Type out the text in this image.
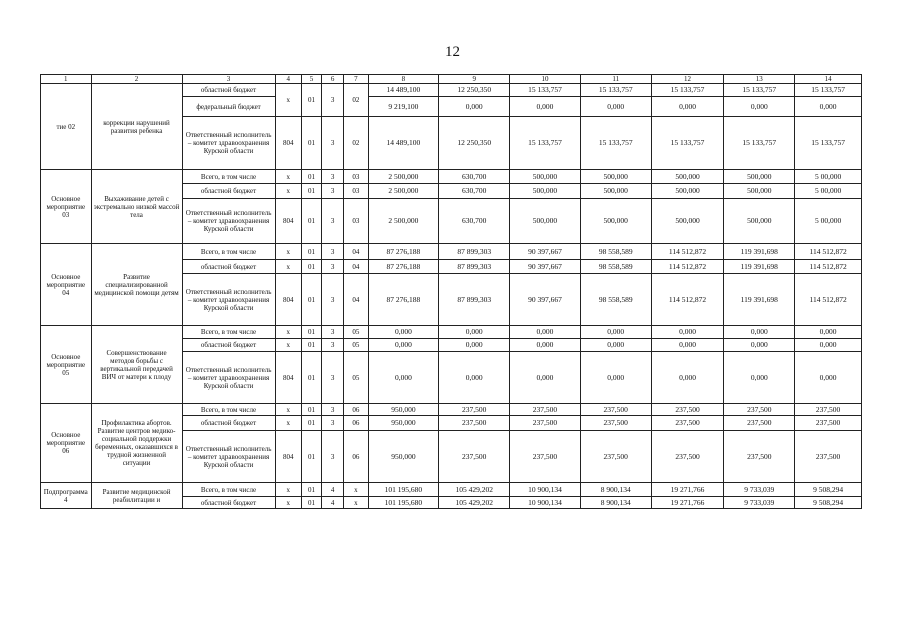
12
1	2	3	4	5	6	7	8	9	10	11	12	13	14
тие 02	коррекции нарушений развития ребенка	областной бюджет	х	01	3	02	14 489,100	12 250,350	15 133,757	15 133,757	15 133,757	15 133,757	15 133,757
		федеральный бюджет					9 219,100	0,000	0,000	0,000	0,000	0,000	0,000
		Ответственный исполнитель – комитет здравоохранения Курской области	804	01	3	02	14 489,100	12 250,350	15 133,757	15 133,757	15 133,757	15 133,757	15 133,757
Основное мероприятие 03	Выхаживание детей с экстремально низкой массой тела	Всего, в том числе	х	01	3	03	2 500,000	630,700	500,000	500,000	500,000	500,000	5 00,000
		областной бюджет	х	01	3	03	2 500,000	630,700	500,000	500,000	500,000	500,000	5 00,000
		Ответственный исполнитель – комитет здравоохранения Курской области	804	01	3	03	2 500,000	630,700	500,000	500,000	500,000	500,000	5 00,000
Основное мероприятие 04	Развитие специализированной медицинской помощи детям	Всего, в том числе	х	01	3	04	87 276,188	87 899,303	90 397,667	98 558,589	114 512,872	119 391,698	114 512,872
		областной бюджет	х	01	3	04	87 276,188	87 899,303	90 397,667	98 558,589	114 512,872	119 391,698	114 512,872
		Ответственный исполнитель – комитет здравоохранения Курской области	804	01	3	04	87 276,188	87 899,303	90 397,667	98 558,589	114 512,872	119 391,698	114 512,872
Основное мероприятие 05	Совершенствование методов борьбы с вертикальной передачей ВИЧ от матери к плоду	Всего, в том числе	х	01	3	05	0,000	0,000	0,000	0,000	0,000	0,000	0,000
		областной бюджет	х	01	3	05	0,000	0,000	0,000	0,000	0,000	0,000	0,000
		Ответственный исполнитель – комитет здравоохранения Курской области	804	01	3	05	0,000	0,000	0,000	0,000	0,000	0,000	0,000
Основное мероприятие 06	Профилактика абортов. Развитие центров медико-социальной поддержки беременных, оказавшихся в трудной жизненной ситуации	Всего, в том числе	х	01	3	06	950,000	237,500	237,500	237,500	237,500	237,500	237,500
		областной бюджет	х	01	3	06	950,000	237,500	237,500	237,500	237,500	237,500	237,500
		Ответственный исполнитель – комитет здравоохранения Курской области	804	01	3	06	950,000	237,500	237,500	237,500	237,500	237,500	237,500
Подпрограмма 4	Развитие медицинской реабилитации и	Всего, в том числе	х	01	4	х	101 195,680	105 429,202	10 900,134	8 900,134	19 271,766	9 733,039	9 508,294
		областной бюджет	х	01	4	х	101 195,680	105 429,202	10 900,134	8 900,134	19 271,766	9 733,039	9 508,294
